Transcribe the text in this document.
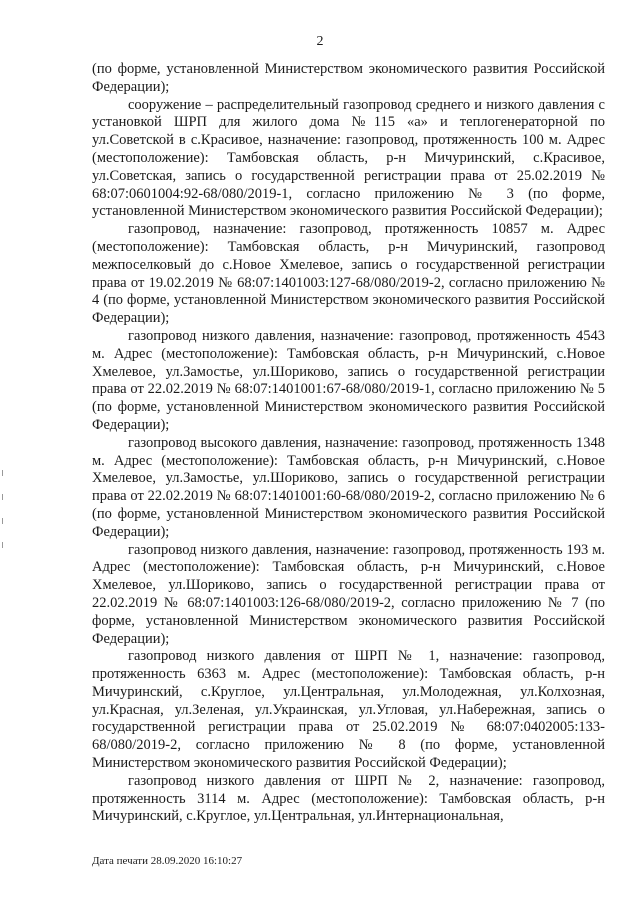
2
(по форме, установленной Министерством экономического развития Российской Федерации);
сооружение – распределительный газопровод среднего и низкого давления с установкой ШРП для жилого дома №115 «а» и теплогенераторной по ул.Советской в с.Красивое, назначение: газопровод, протяженность 100 м. Адрес (местоположение): Тамбовская область, р-н Мичуринский, с.Красивое, ул.Советская, запись о государственной регистрации права от 25.02.2019 № 68:07:0601004:92-68/080/2019-1, согласно приложению № 3 (по форме, установленной Министерством экономического развития Российской Федерации);
газопровод, назначение: газопровод, протяженность 10857 м. Адрес (местоположение): Тамбовская область, р-н Мичуринский, газопровод межпоселковый до с.Новое Хмелевое, запись о государственной регистрации права от 19.02.2019 № 68:07:1401003:127-68/080/2019-2, согласно приложению № 4 (по форме, установленной Министерством экономического развития Российской Федерации);
газопровод низкого давления, назначение: газопровод, протяженность 4543 м. Адрес (местоположение): Тамбовская область, р-н Мичуринский, с.Новое Хмелевое, ул.Замостье, ул.Шориково, запись о государственной регистрации права от 22.02.2019 № 68:07:1401001:67-68/080/2019-1, согласно приложению № 5 (по форме, установленной Министерством экономического развития Российской Федерации);
газопровод высокого давления, назначение: газопровод, протяженность 1348 м. Адрес (местоположение): Тамбовская область, р-н Мичуринский, с.Новое Хмелевое, ул.Замостье, ул.Шориково, запись о государственной регистрации права от 22.02.2019 № 68:07:1401001:60-68/080/2019-2, согласно приложению № 6 (по форме, установленной Министерством экономического развития Российской Федерации);
газопровод низкого давления, назначение: газопровод, протяженность 193 м. Адрес (местоположение): Тамбовская область, р-н Мичуринский, с.Новое Хмелевое, ул.Шориково, запись о государственной регистрации права от 22.02.2019 № 68:07:1401003:126-68/080/2019-2, согласно приложению № 7 (по форме, установленной Министерством экономического развития Российской Федерации);
газопровод низкого давления от ШРП № 1, назначение: газопровод, протяженность 6363 м. Адрес (местоположение): Тамбовская область, р-н Мичуринский, с.Круглое, ул.Центральная, ул.Молодежная, ул.Колхозная, ул.Красная, ул.Зеленая, ул.Украинская, ул.Угловая, ул.Набережная, запись о государственной регистрации права от 25.02.2019 № 68:07:0402005:133-68/080/2019-2, согласно приложению № 8 (по форме, установленной Министерством экономического развития Российской Федерации);
газопровод низкого давления от ШРП № 2, назначение: газопровод, протяженность 3114 м. Адрес (местоположение): Тамбовская область, р-н Мичуринский, с.Круглое, ул.Центральная, ул.Интернациональная,
Дата печати 28.09.2020 16:10:27
